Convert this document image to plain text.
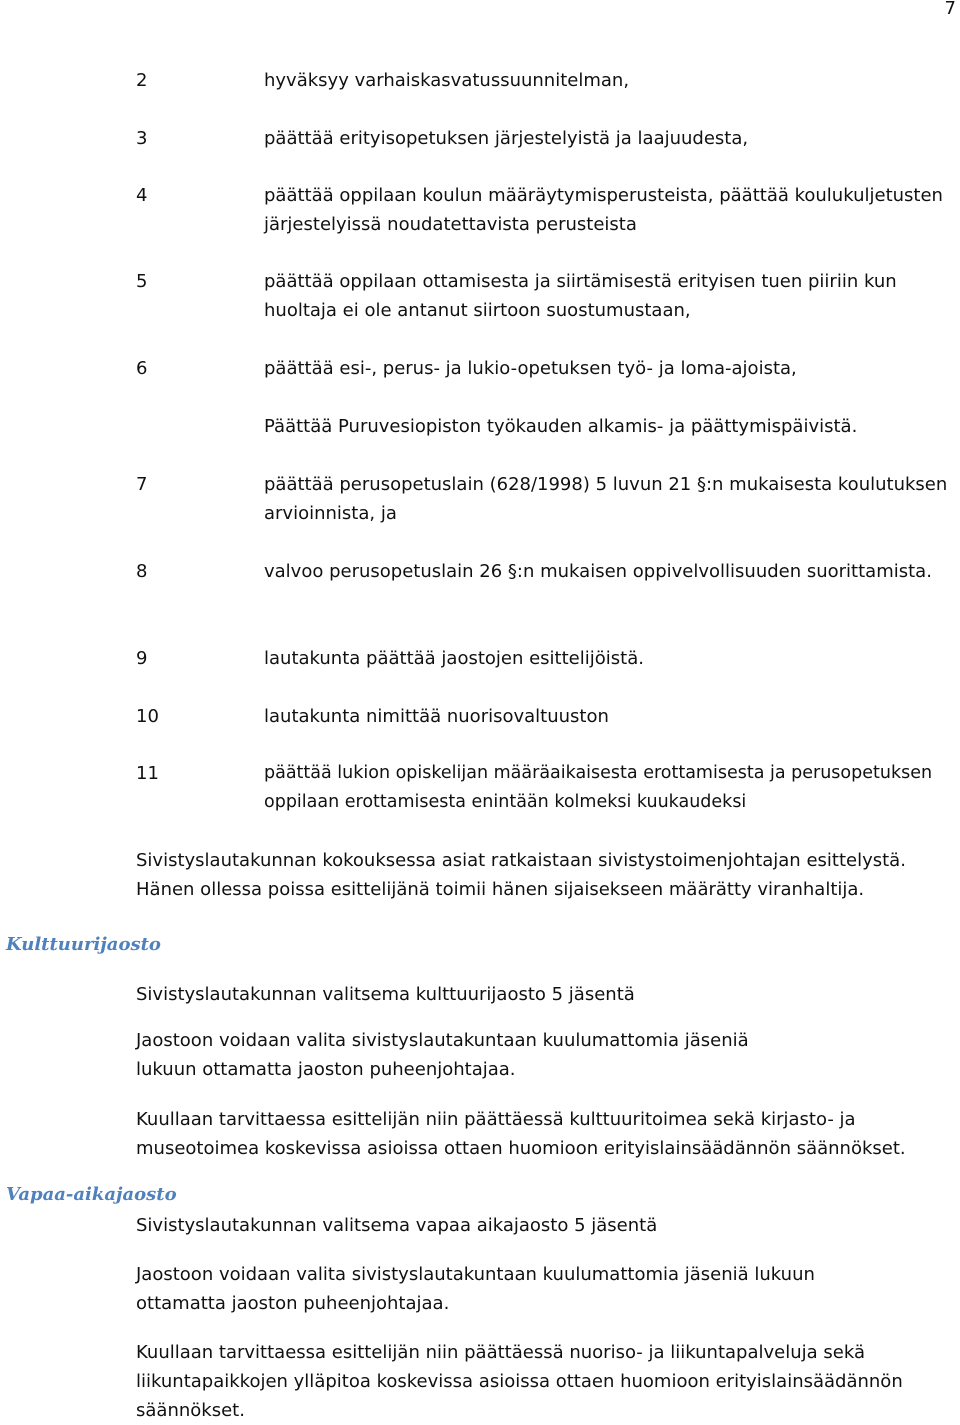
7
2	hyväksyy varhaiskasvatussuunnitelman,
3	päättää erityisopetuksen järjestelyistä ja laajuudesta,
4	päättää oppilaan koulun määräytymisperusteista, päättää koulukuljetusten järjestelyissä noudatettavista perusteista
5	päättää oppilaan ottamisesta ja siirtämisestä erityisen tuen piiriin kun huoltaja ei ole antanut siirtoon suostumustaan,
6	päättää esi-, perus- ja lukio-opetuksen työ- ja loma-ajoista,
Päättää Puruvesiopiston työkauden alkamis- ja päättymispäivistä.
7	päättää perusopetuslain (628/1998) 5 luvun 21 §:n mukaisesta koulutuksen arvioinnista, ja
8	valvoo perusopetuslain 26 §:n mukaisen oppivelvollisuuden suorittamista.
9	lautakunta päättää jaostojen esittelijöistä.
10	lautakunta nimittää nuorisovaltuuston
11	päättää lukion opiskelijan määräaikaisesta erottamisesta ja perusopetuksen oppilaan erottamisesta enintään kolmeksi kuukaudeksi
Sivistyslautakunnan kokouksessa asiat ratkaistaan sivistystoimenjohtajan esittelystä. Hänen ollessa poissa esittelijänä toimii hänen sijaisekseen määrätty viranhaltija.
Kulttuurijaosto
Sivistyslautakunnan valitsema kulttuurijaosto 5 jäsentä
Jaostoon voidaan valita sivistyslautakuntaan kuulumattomia jäseniä lukuun ottamatta jaoston puheenjohtajaa.
Kuullaan tarvittaessa esittelijän niin päättäessä kulttuuritoimea sekä kirjasto- ja museotoimea koskevissa asioissa ottaen huomioon erityislainsäädännön säännökset.
Vapaa-aikajaosto
Sivistyslautakunnan valitsema vapaa aikajaosto 5 jäsentä
Jaostoon voidaan valita sivistyslautakuntaan kuulumattomia jäseniä lukuun ottamatta jaoston puheenjohtajaa.
Kuullaan tarvittaessa esittelijän niin päättäessä nuoriso- ja liikuntapalveluja sekä liikuntapaikkojen ylläpitoa koskevissa asioissa ottaen huomioon erityislainsäädännön säännökset.
